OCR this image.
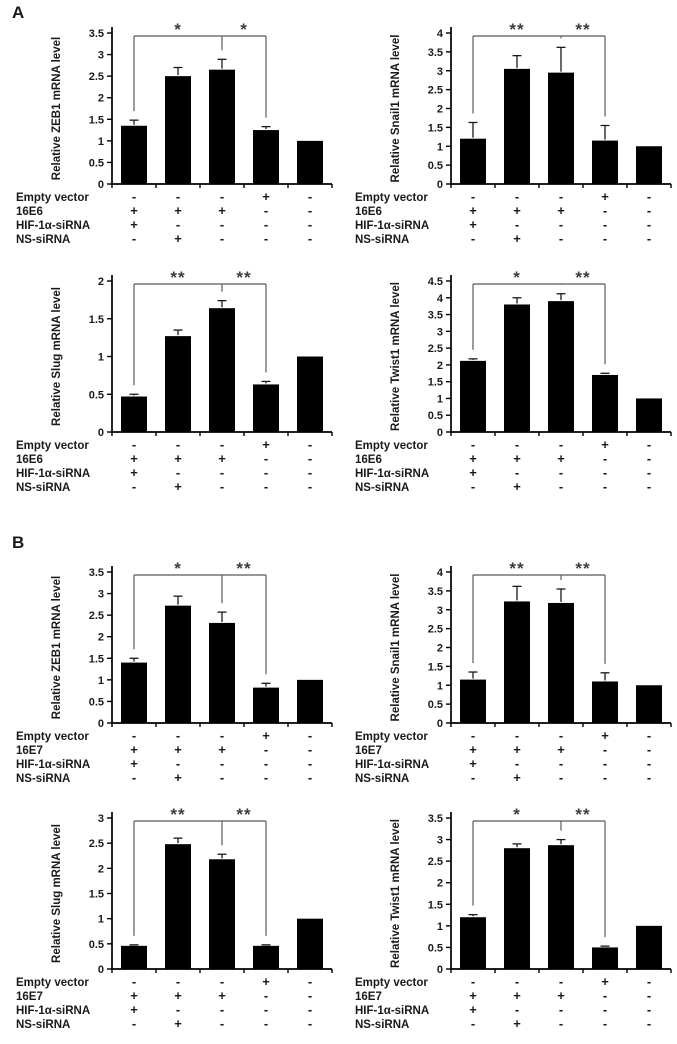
A
B
0
0.5
1
1.5
2
2.5
3
3.5
Relative ZEB1 mRNA level
*	*
Empty vector	-	-	-	+	-
16E6	+	+	+	-	-
HIF-1α-siRNA	+	-	-	-	-
NS-siRNA	-	+	-	-	-
0
0.5
1
1.5
2
2.5
3
3.5
4
Relative Snail1 mRNA level
**	**
Empty vector	-	-	-	+	-
16E6	+	+	+	-	-
HIF-1α-siRNA	+	-	-	-	-
NS-siRNA	-	+	-	-	-
0
0.5
1
1.5
2
Relative Slug mRNA level
**	**
Empty vector	-	-	-	+	-
16E6	+	+	+	-	-
HIF-1α-siRNA	+	-	-	-	-
NS-siRNA	-	+	-	-	-
0
0.5
1
1.5
2
2.5
3
3.5
4
4.5
Relative Twist1 mRNA level
*	**
Empty vector	-	-	-	+	-
16E6	+	+	+	-	-
HIF-1α-siRNA	+	-	-	-	-
NS-siRNA	-	+	-	-	-
0
0.5
1
1.5
2
2.5
3
3.5
Relative ZEB1 mRNA level
*	**
Empty vector	-	-	-	+	-
16E7	+	+	+	-	-
HIF-1α-siRNA	+	-	-	-	-
NS-siRNA	-	+	-	-	-
0
0.5
1
1.5
2
2.5
3
3.5
4
Relative Snail1 mRNA level
**	**
Empty vector	-	-	-	+	-
16E7	+	+	+	-	-
HIF-1α-siRNA	+	-	-	-	-
NS-siRNA	-	+	-	-	-
0
0.5
1
1.5
2
2.5
3
Relative Slug mRNA level
**	**
Empty vector	-	-	-	+	-
16E7	+	+	+	-	-
HIF-1α-siRNA	+	-	-	-	-
NS-siRNA	-	+	-	-	-
0
0.5
1
1.5
2
2.5
3
3.5
Relative Twist1 mRNA level
*	**
Empty vector	-	-	-	+	-
16E7	+	+	+	-	-
HIF-1α-siRNA	+	-	-	-	-
NS-siRNA	-	+	-	-	-
